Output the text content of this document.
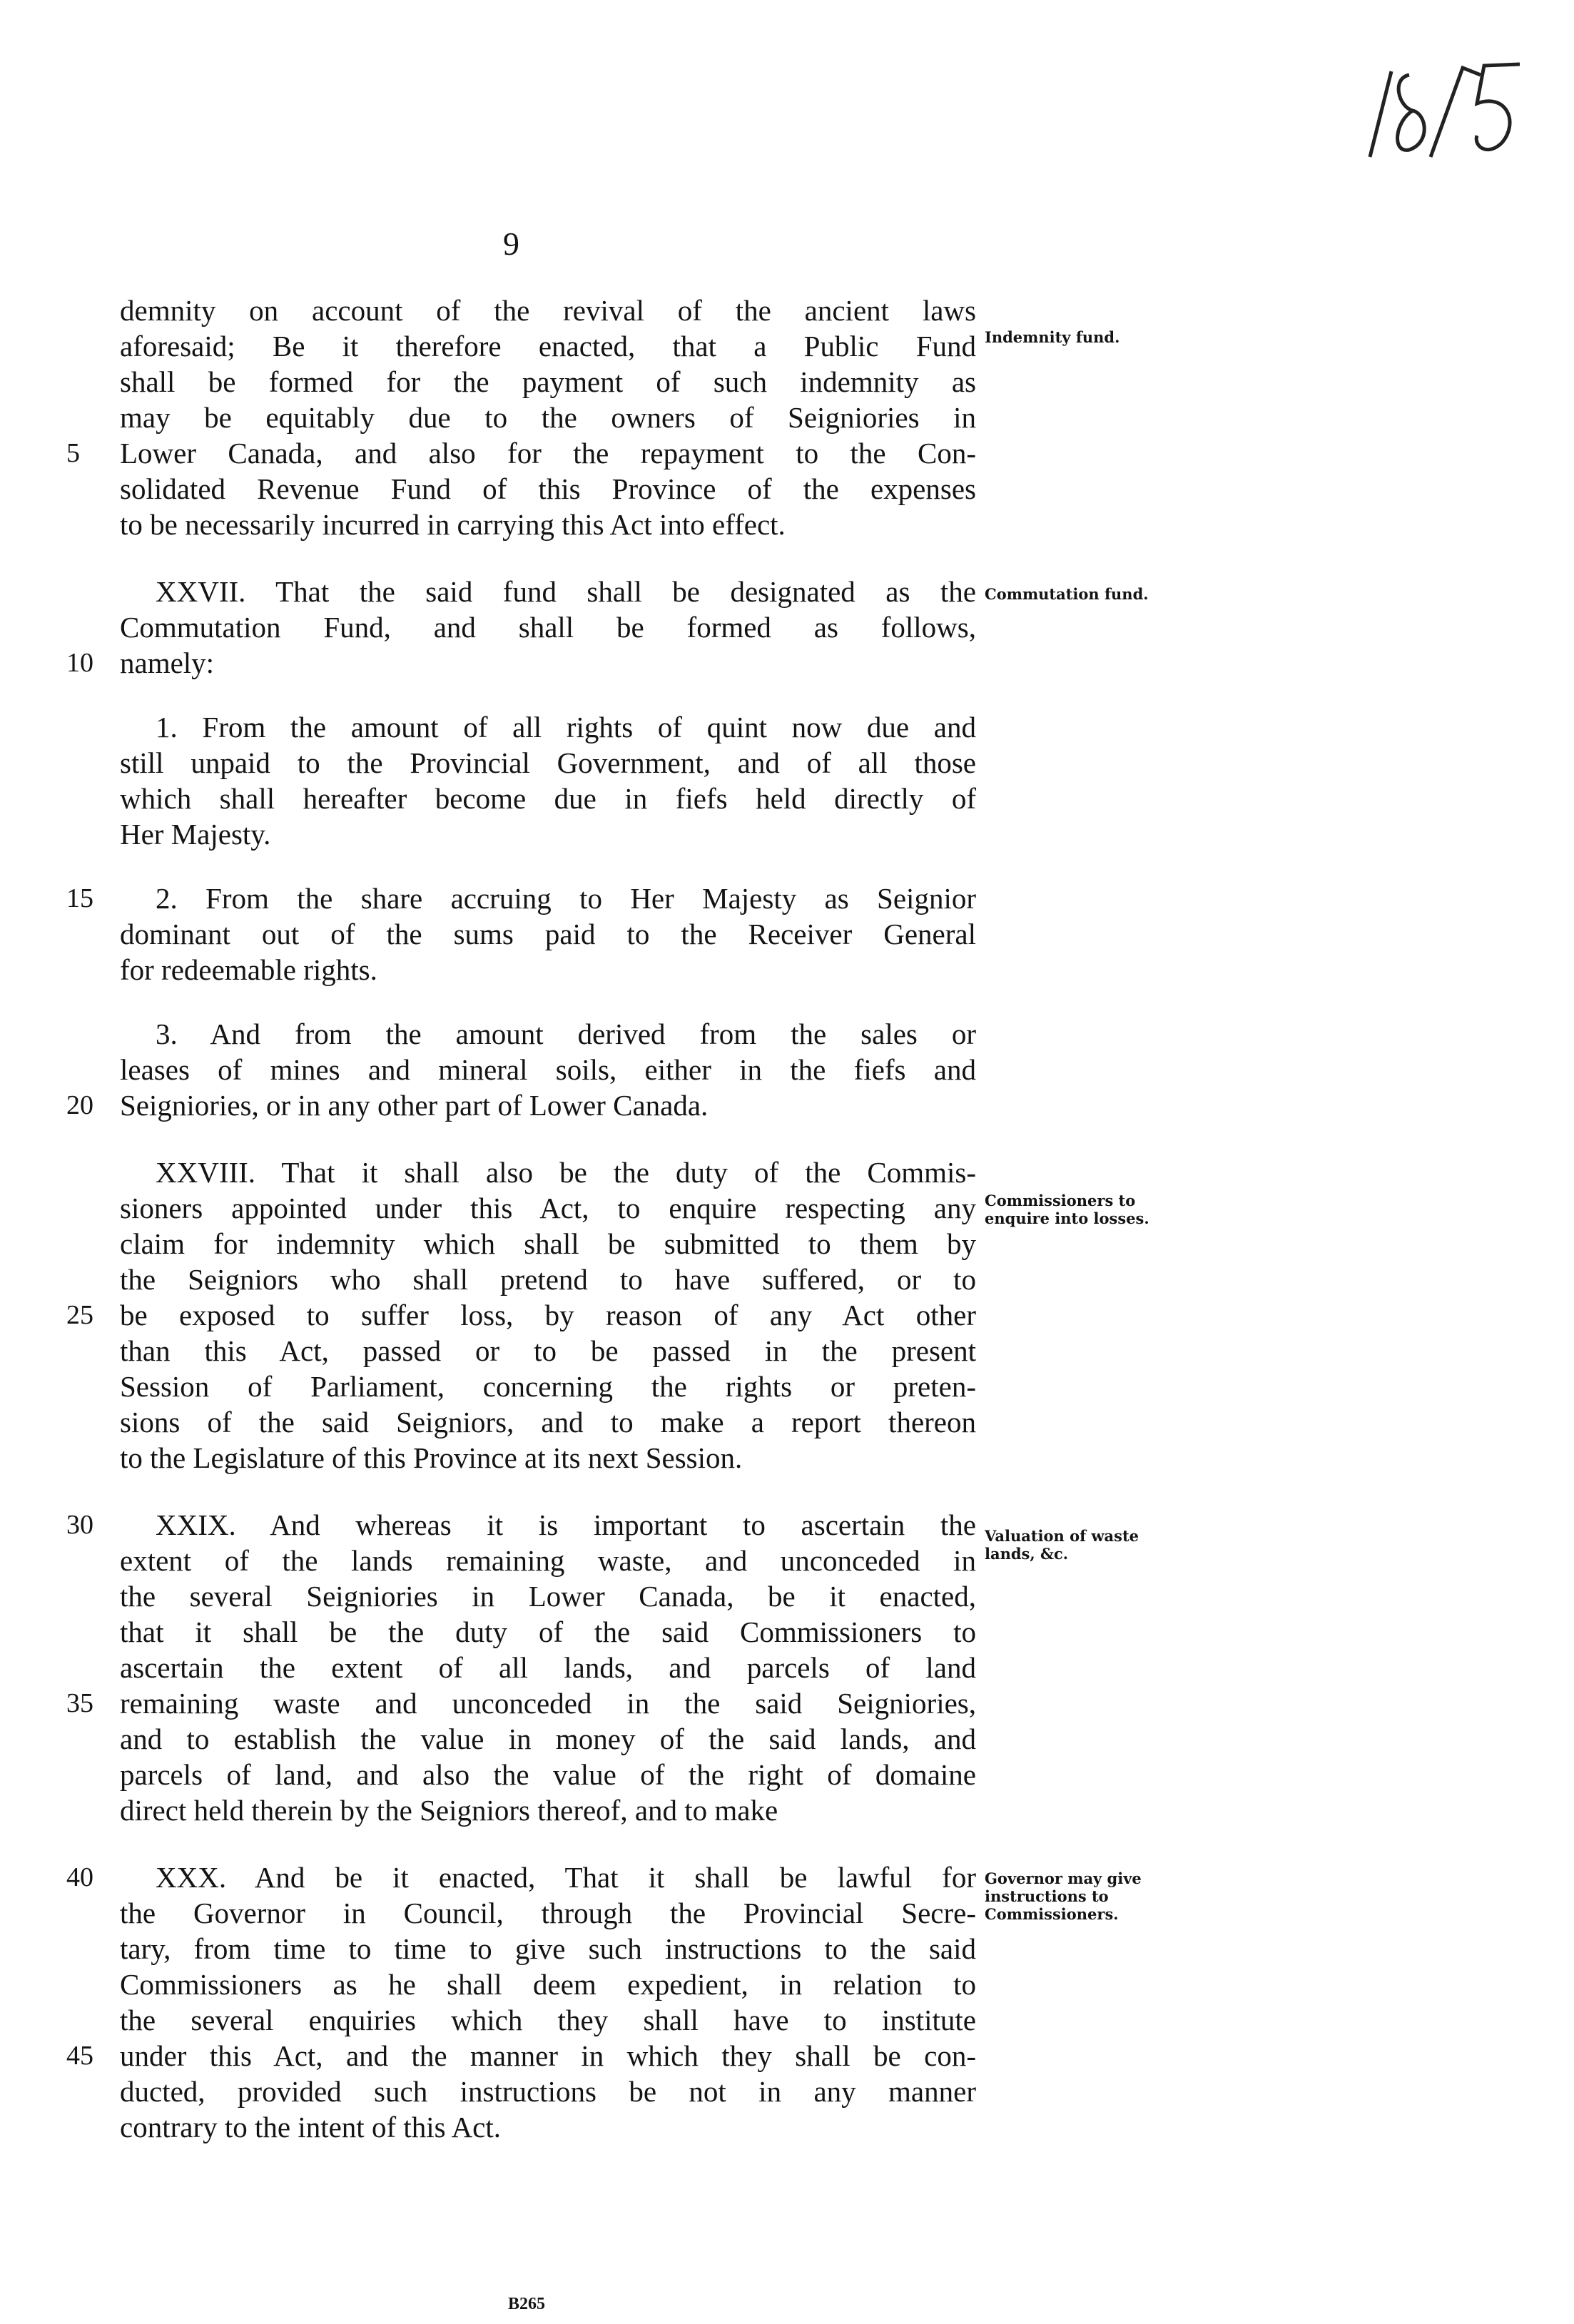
9
demnity on account of the revival of the ancient laws
aforesaid; Be it therefore enacted, that a Public Fund
shall be formed for the payment of such indemnity as
may be equitably due to the owners of Seigniories in
5	Lower Canada, and also for the repayment to the Con-
solidated Revenue Fund of this Province of the expenses
to be necessarily incurred in carrying this Act into effect.
XXVII. That the said fund shall be designated as the
Commutation Fund, and shall be formed as follows,
10 namely:
1. From the amount of all rights of quint now due and
still unpaid to the Provincial Government, and of all those
which shall hereafter become due in fiefs held directly of
Her Majesty.
15	2. From the share accruing to Her Majesty as Seignior
dominant out of the sums paid to the Receiver General
for redeemable rights.
3. And from the amount derived from the sales or
leases of mines and mineral soils, either in the fiefs and
20 Seigniories, or in any other part of Lower Canada.
XXVIII. That it shall also be the duty of the Commis-
sioners appointed under this Act, to enquire respecting any
claim for indemnity which shall be submitted to them by
the Seigniors who shall pretend to have suffered, or to
25 be exposed to suffer loss, by reason of any Act other
than this Act, passed or to be passed in the present
Session of Parliament, concerning the rights or preten-
sions of the said Seigniors, and to make a report thereon
to the Legislature of this Province at its next Session.
30	XXIX. And whereas it is important to ascertain the
extent of the lands remaining waste, and unconceded in
the several Seigniories in Lower Canada, be it enacted,
that it shall be the duty of the said Commissioners to
ascertain the extent of all lands, and parcels of land
35 remaining waste and unconceded in the said Seigniories,
and to establish the value in money of the said lands, and
parcels of land, and also the value of the right of domaine
direct held therein by the Seigniors thereof, and to make
40	XXX. And be it enacted, That it shall be lawful for
the Governor in Council, through the Provincial Secre-
tary, from time to time to give such instructions to the said
Commissioners as he shall deem expedient, in relation to
the several enquiries which they shall have to institute
45 under this Act, and the manner in which they shall be con-
ducted, provided such instructions be not in any manner
contrary to the intent of this Act.
Indemnity fund.
Commutation fund.
Commissioners to enquire into losses.
Valuation of waste lands, &c.
Governor may give instructions to Commissioners.
B265
